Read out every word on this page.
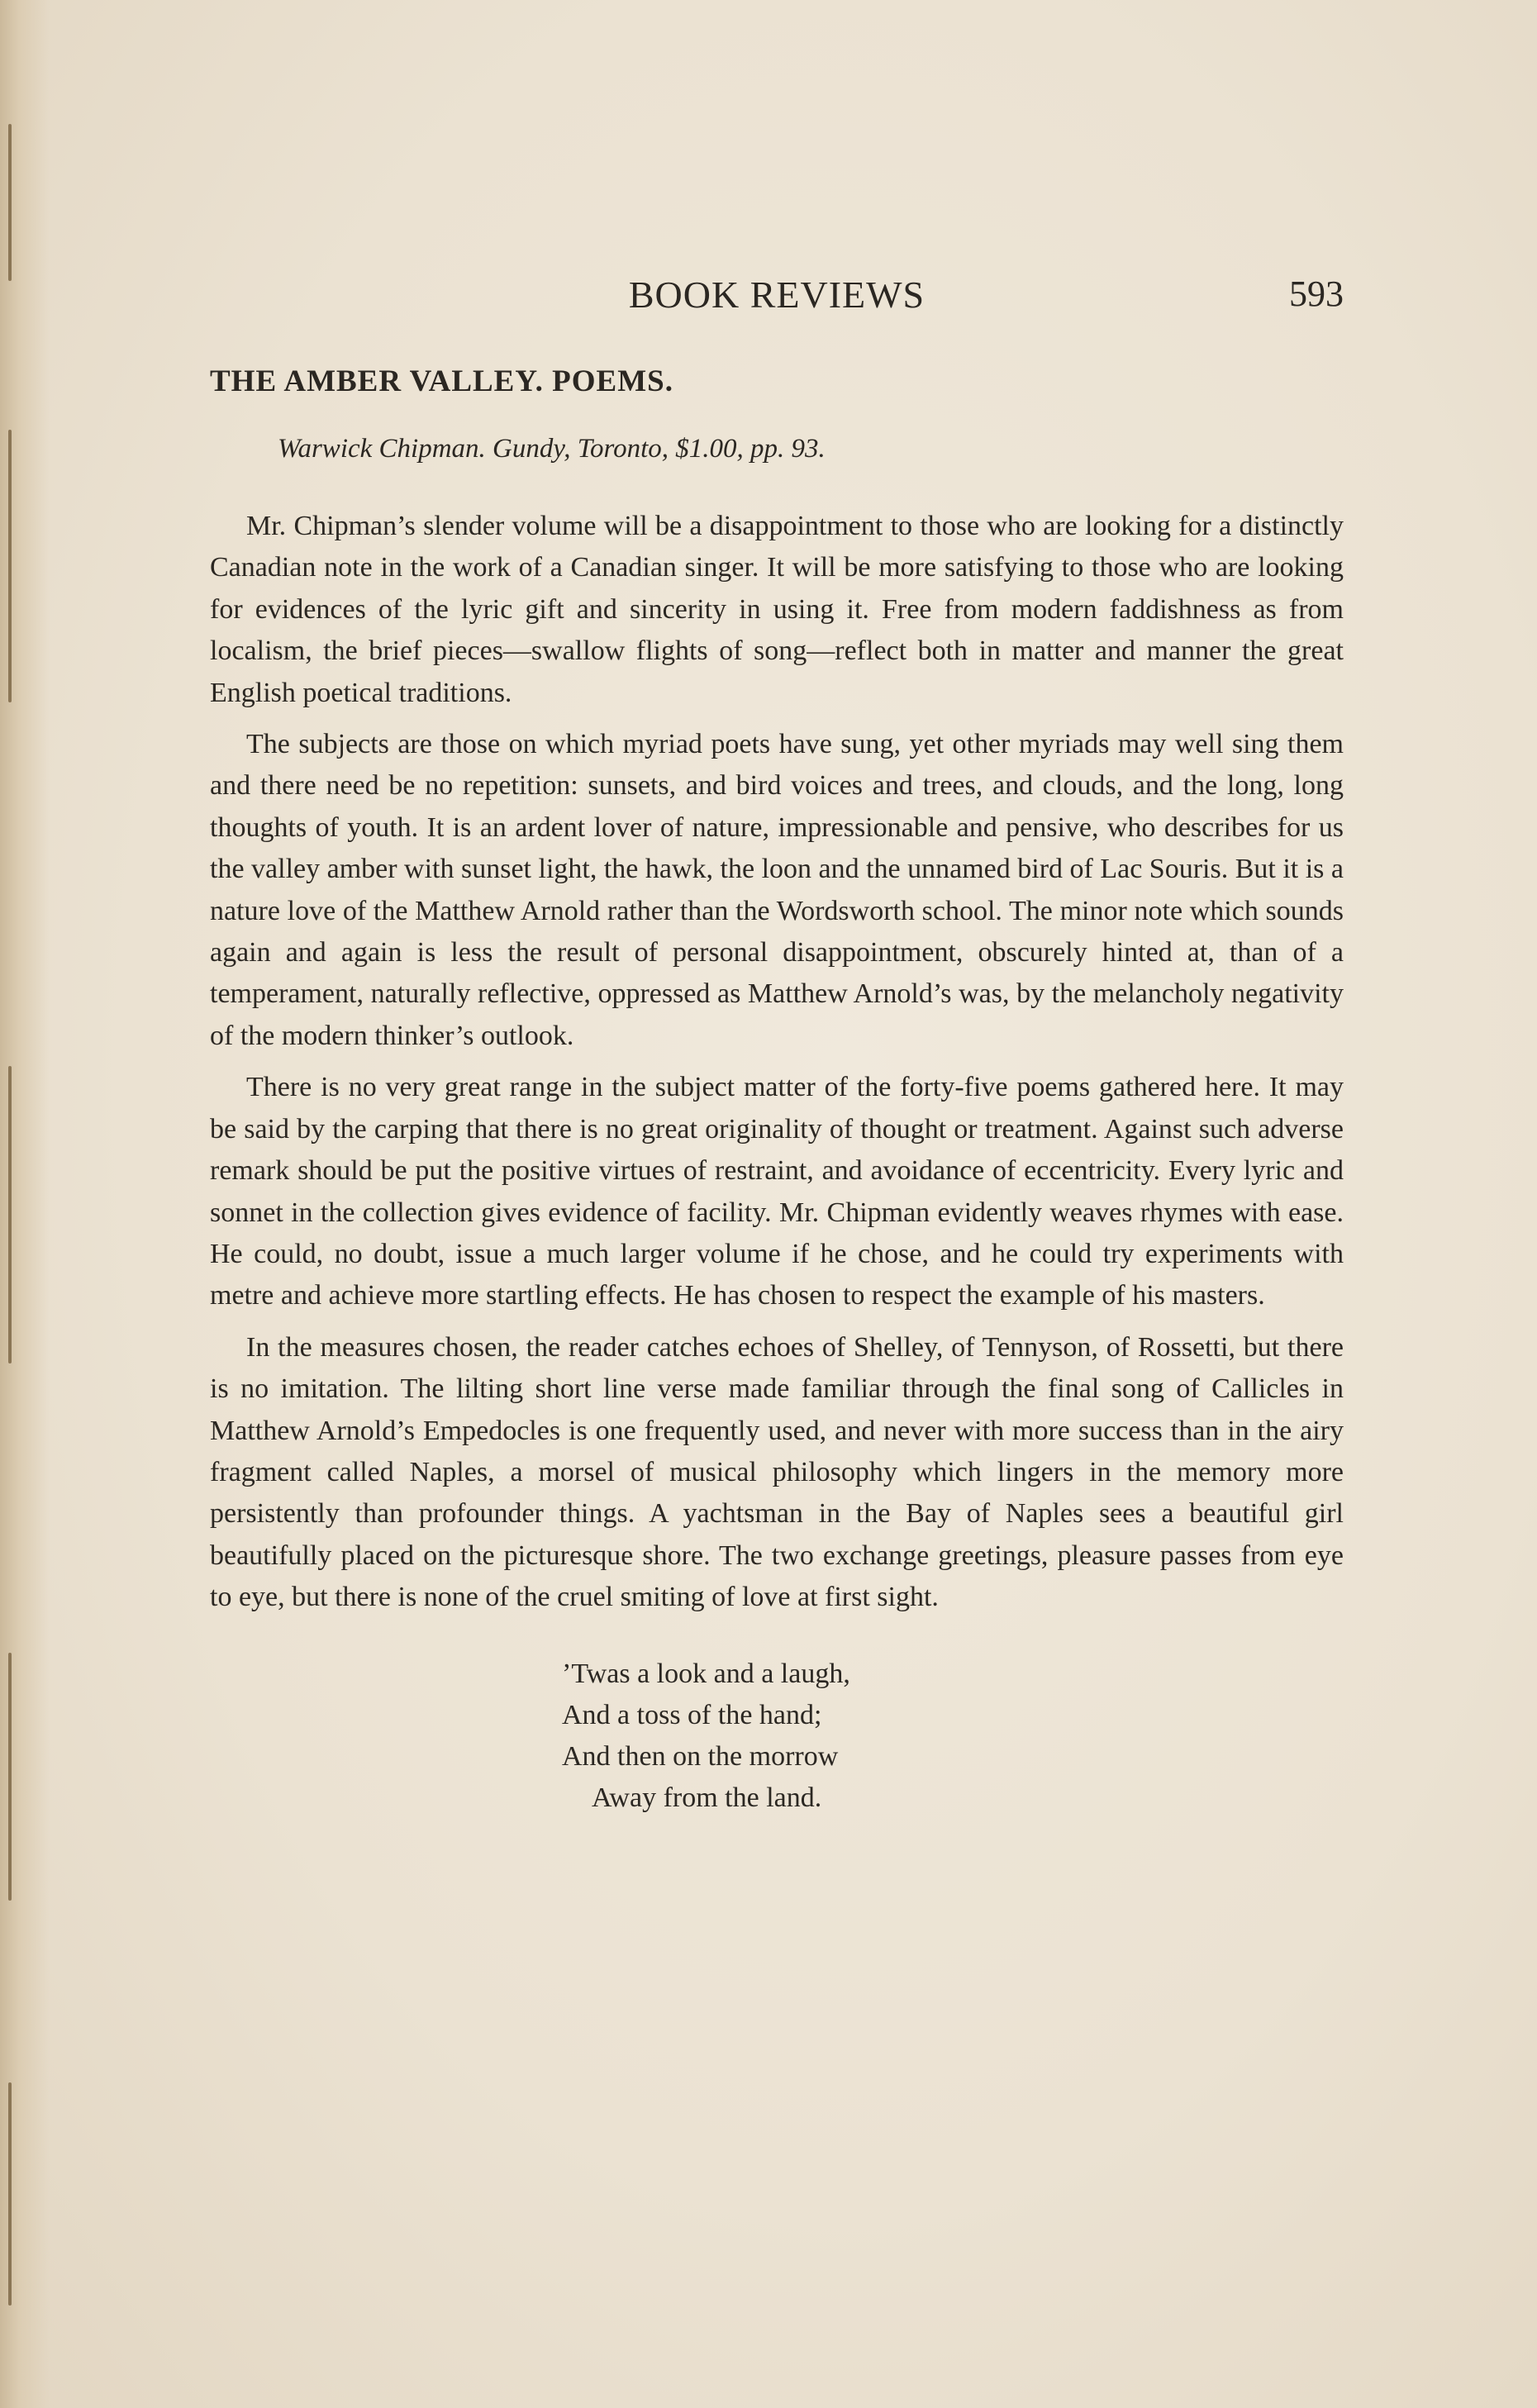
BOOK REVIEWS	593
THE AMBER VALLEY. POEMS.
Warwick Chipman. Gundy, Toronto, $1.00, pp. 93.

Mr. Chipman’s slender volume will be a disappointment to those who are looking for a distinctly Canadian note in the work of a Canadian singer. It will be more satisfying to those who are looking for evidences of the lyric gift and sincerity in using it. Free from modern faddishness as from localism, the brief pieces—swallow flights of song—reflect both in matter and manner the great English poetical traditions.

The subjects are those on which myriad poets have sung, yet other myriads may well sing them and there need be no repetition: sunsets, and bird voices and trees, and clouds, and the long, long thoughts of youth. It is an ardent lover of nature, impressionable and pensive, who describes for us the valley amber with sunset light, the hawk, the loon and the unnamed bird of Lac Souris. But it is a nature love of the Matthew Arnold rather than the Wordsworth school. The minor note which sounds again and again is less the result of personal disappointment, obscurely hinted at, than of a temperament, naturally reflective, oppressed as Matthew Arnold’s was, by the melancholy negativity of the modern thinker’s outlook.

There is no very great range in the subject matter of the forty-five poems gathered here. It may be said by the carping that there is no great originality of thought or treatment. Against such adverse remark should be put the positive virtues of restraint, and avoidance of eccentricity. Every lyric and sonnet in the collection gives evidence of facility. Mr. Chipman evidently weaves rhymes with ease. He could, no doubt, issue a much larger volume if he chose, and he could try experiments with metre and achieve more startling effects. He has chosen to respect the example of his masters.

In the measures chosen, the reader catches echoes of Shelley, of Tennyson, of Rossetti, but there is no imitation. The lilting short line verse made familiar through the final song of Callicles in Matthew Arnold’s Empedocles is one frequently used, and never with more success than in the airy fragment called Naples, a morsel of musical philosophy which lingers in the memory more persistently than profounder things. A yachtsman in the Bay of Naples sees a beautiful girl beautifully placed on the picturesque shore. The two exchange greetings, pleasure passes from eye to eye, but there is none of the cruel smiting of love at first sight.

’Twas a look and a laugh,
And a toss of the hand;
And then on the morrow
Away from the land.
